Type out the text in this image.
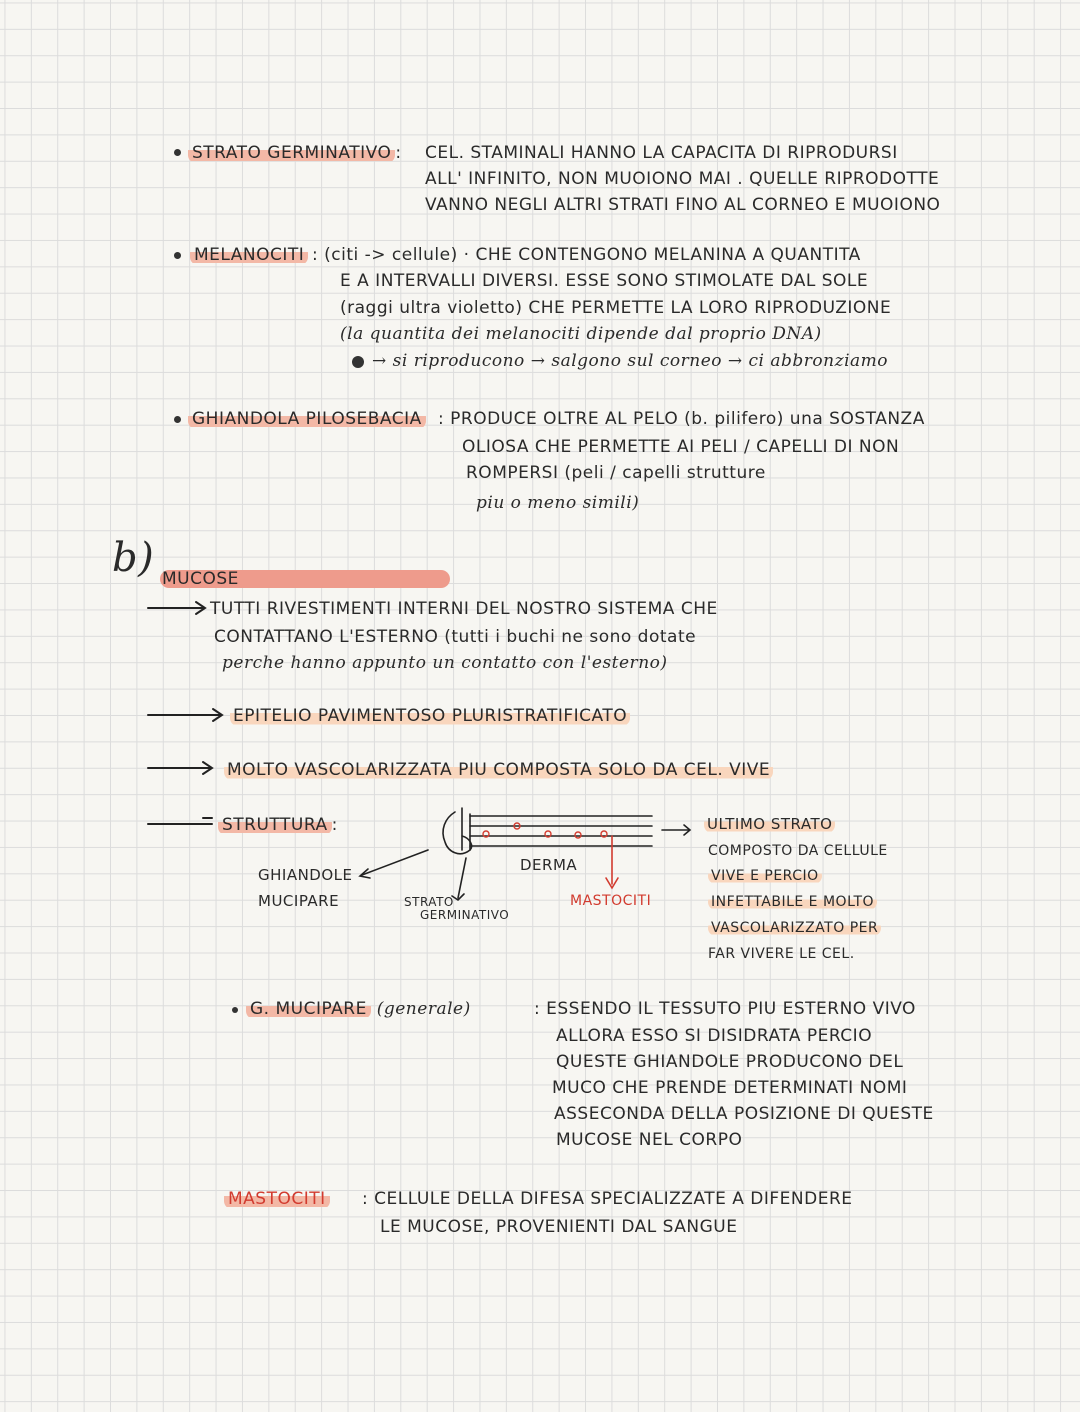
STRATO GERMINATIVO : CEL. STAMINALI HANNO LA CAPACITA DI RIPRODURSI
ALL' INFINITO, NON MUOIONO MAI . QUELLE RIPRODOTTE
VANNO NEGLI ALTRI STRATI FINO AL CORNEO E MUOIONO
MELANOCITI : (citi -> cellule) · CHE CONTENGONO MELANINA A QUANTITA
E A INTERVALLI DIVERSI. ESSE SONO STIMOLATE DAL SOLE
(raggi ultra violetto) CHE PERMETTE LA LORO RIPRODUZIONE
(la quantita dei melanociti dipende dal proprio DNA)
→ si riproducono → salgono sul corneo → ci abbronziamo
GHIANDOLA PILOSEBACIA : PRODUCE OLTRE AL PELO (b. pilifero) una SOSTANZA
OLIOSA CHE PERMETTE AI PELI / CAPELLI DI NON
ROMPERSI (peli / capelli strutture
piu o meno simili)
b) MUCOSE
TUTTI RIVESTIMENTI INTERNI DEL NOSTRO SISTEMA CHE
CONTATTANO L'ESTERNO (tutti i buchi ne sono dotate
perche hanno appunto un contatto con l'esterno)
EPITELIO PAVIMENTOSO PLURISTRATIFICATO
MOLTO VASCOLARIZZATA PIU COMPOSTA SOLO DA CEL. VIVE
STRUTTURA :
GHIANDOLE
MUCIPARE	STRATO
GERMINATIVO
DERMA
MASTOCITI
ULTIMO STRATO
COMPOSTO DA CELLULE
VIVE E PERCIO
INFETTABILE E MOLTO
VASCOLARIZZATO PER
FAR VIVERE LE CEL.
G. MUCIPARE (generale)	: ESSENDO IL TESSUTO PIU ESTERNO VIVO
ALLORA ESSO SI DISIDRATA PERCIO
QUESTE GHIANDOLE PRODUCONO DEL
MUCO CHE PRENDE DETERMINATI NOMI
ASSECONDA DELLA POSIZIONE DI QUESTE
MUCOSE NEL CORPO
MASTOCITI : CELLULE DELLA DIFESA SPECIALIZZATE A DIFENDERE
LE MUCOSE, PROVENIENTI DAL SANGUE
